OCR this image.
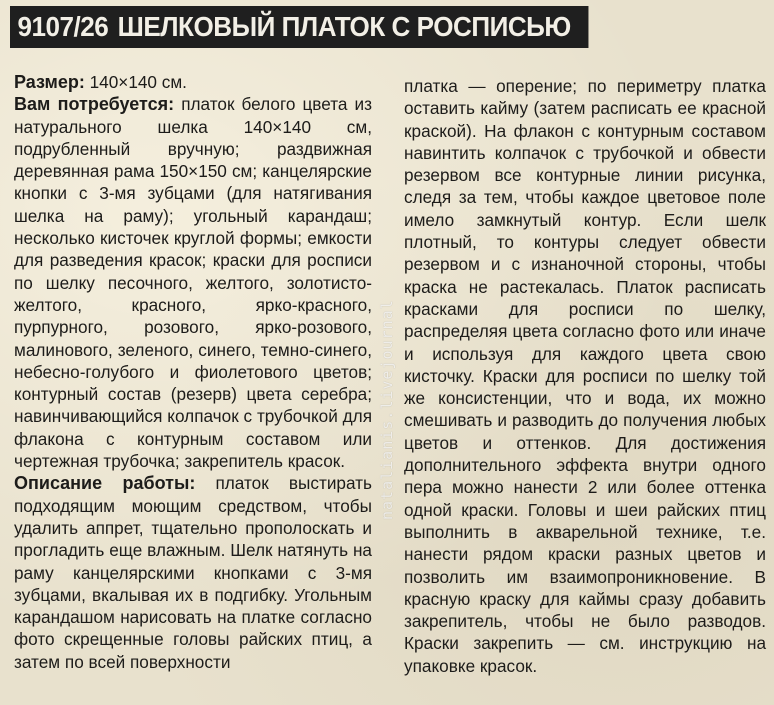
9107/26 ШЕЛКОВЫЙ ПЛАТОК С РОСПИСЬЮ

Размер: 140×140 см.

Вам потребуется: платок белого цвета из натурального шелка 140×140 см, подрубленный вручную; раздвижная деревянная рама 150×150 см; канцелярские кнопки с 3-мя зубцами (для натягивания шелка на раму); угольный карандаш; несколько кисточек круглой формы; емкости для разведения красок; краски для росписи по шелку песочного, желтого, золотисто-желтого, красного, ярко-красного, пурпурного, розового, ярко-розового, малинового, зеленого, синего, темно-синего, небесно-голубого и фиолетового цветов; контурный состав (резерв) цвета серебра; навинчивающийся колпачок с трубочкой для флакона с контурным составом или чертежная трубочка; закрепитель красок.

Описание работы: платок выстирать подходящим моющим средством, чтобы удалить аппрет, тщательно прополоскать и прогладить еще влажным. Шелк натянуть на раму канцелярскими кнопками с 3-мя зубцами, вкалывая их в подгибку. Угольным карандашом нарисовать на платке согласно фото скрещенные головы райских птиц, а затем по всей поверхности

natalianis.livejournal

платка — оперение; по периметру платка оставить кайму (затем расписать ее красной краской). На флакон с контурным составом навинтить колпачок с трубочкой и обвести резервом все контурные линии рисунка, следя за тем, чтобы каждое цветовое поле имело замкнутый контур. Если шелк плотный, то контуры следует обвести резервом и с изнаночной стороны, чтобы краска не растекалась. Платок расписать красками для росписи по шелку, распределяя цвета согласно фото или иначе и используя для каждого цвета свою кисточку. Краски для росписи по шелку той же консистенции, что и вода, их можно смешивать и разводить до получения любых цветов и оттенков. Для достижения дополнительного эффекта внутри одного пера можно нанести 2 или более оттенка одной краски. Головы и шеи райских птиц выполнить в акварельной технике, т.е. нанести рядом краски разных цветов и позволить им взаимопроникновение. В красную краску для каймы сразу добавить закрепитель, чтобы не было разводов. Краски закрепить — см. инструкцию на упаковке красок.
